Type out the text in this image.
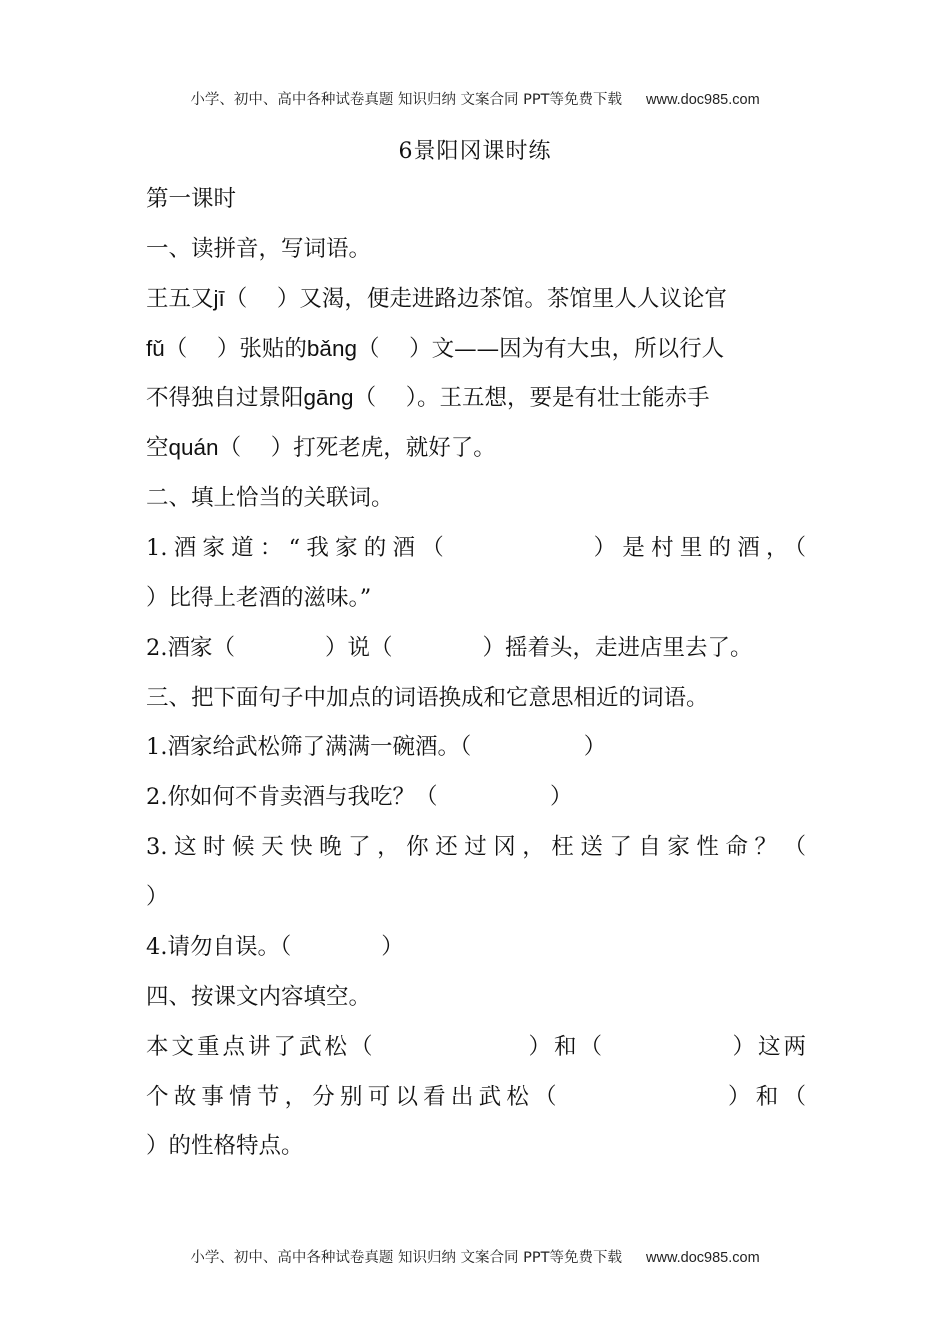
小学、初中、高中各种试卷真题 知识归纳 文案合同 PPT等免费下载 www.doc985.com
6景阳冈课时练
第一课时
一、读拼音，写词语。
王五又jī（　 ）又渴，便走进路边茶馆。茶馆里人人议论官
fǔ（　 ）张贴的bǎng（　 ）文——因为有大虫，所以行人
不得独自过景阳gāng（　 ）。王五想，要是有壮士能赤手
空quán（　 ）打死老虎，就好了。
二、填上恰当的关联词。
1.酒家道：“我家的酒（　　　　　）是村里的酒，（
）比得上老酒的滋味。”
2.酒家（　　　　）说（　　　　）摇着头，走进店里去了。
三、把下面句子中加点的词语换成和它意思相近的词语。
1.酒家给武松筛了满满一碗酒。（　　　　　）
2.你如何不肯卖酒与我吃？（　　　　　）
3.这时候天快晚了，你还过冈，枉送了自家性命？（
）
4.请勿自误。（　　　　）
四、按课文内容填空。
本文重点讲了武松（　　　　　　）和（　　　　　）这两
个故事情节，分别可以看出武松（　　　　　　）和（
）的性格特点。
小学、初中、高中各种试卷真题 知识归纳 文案合同 PPT等免费下载 www.doc985.com
